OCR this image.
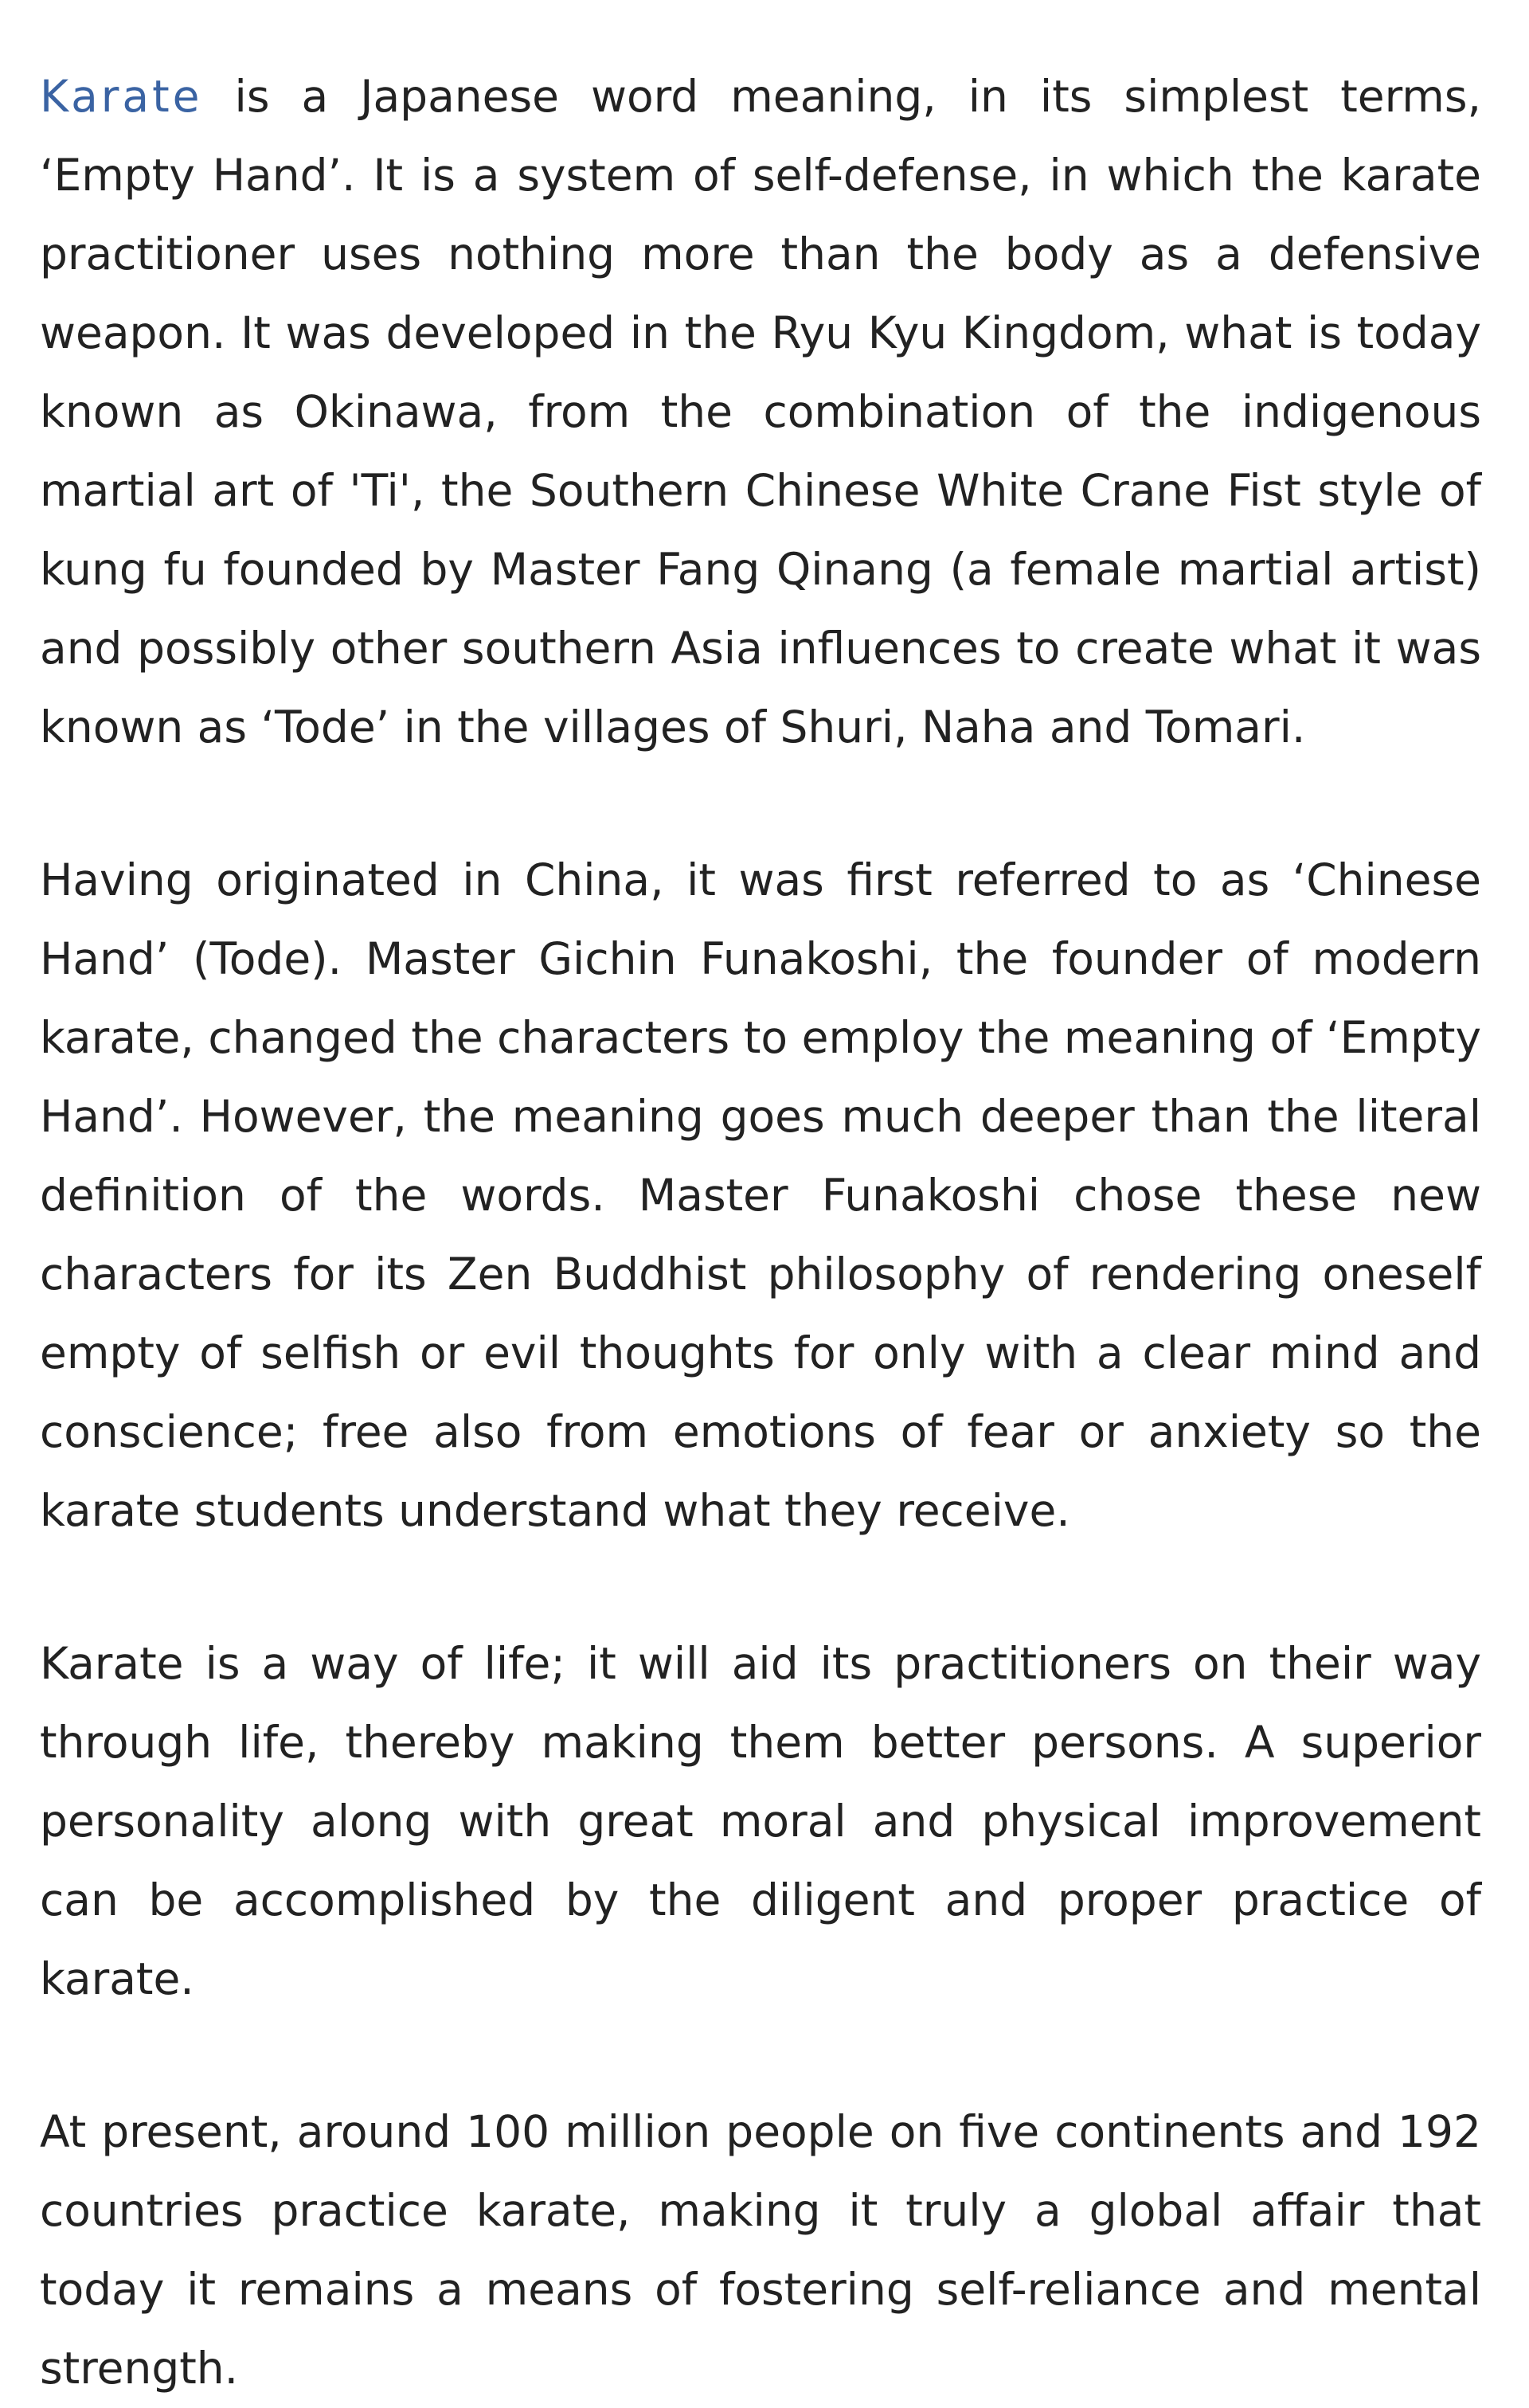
Karate is a Japanese word meaning, in its simplest terms, ‘Empty Hand’. It is a system of self-defense, in which the karate practitioner uses nothing more than the body as a defensive weapon. It was developed in the Ryu Kyu Kingdom, what is today known as Okinawa, from the combination of the indigenous martial art of 'Ti', the Southern Chinese White Crane Fist style of kung fu founded by Master Fang Qinang (a female martial artist) and possibly other southern Asia influences to create what it was known as ‘Tode’ in the villages of Shuri, Naha and Tomari.

Having originated in China, it was first referred to as ‘Chinese Hand’ (Tode). Master Gichin Funakoshi, the founder of modern karate, changed the characters to employ the meaning of ‘Empty Hand’. However, the meaning goes much deeper than the literal definition of the words. Master Funakoshi chose these new characters for its Zen Buddhist philosophy of rendering oneself empty of selfish or evil thoughts for only with a clear mind and conscience; free also from emotions of fear or anxiety so the karate students understand what they receive.

Karate is a way of life; it will aid its practitioners on their way through life, thereby making them better persons. A superior personality along with great moral and physical improvement can be accomplished by the diligent and proper practice of karate.

At present, around 100 million people on five continents and 192 countries practice karate, making it truly a global affair that today it remains a means of fostering self-reliance and mental strength.
